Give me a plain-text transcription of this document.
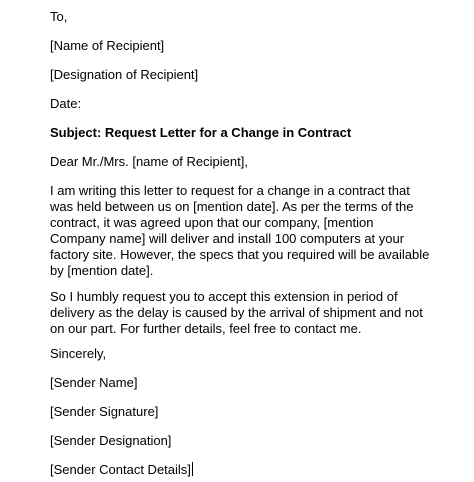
To,
[Name of Recipient]
[Designation of Recipient]
Date:
Subject: Request Letter for a Change in Contract
Dear Mr./Mrs. [name of Recipient],
I am writing this letter to request for a change in a contract that
was held between us on [mention date]. As per the terms of the
contract, it was agreed upon that our company, [mention
Company name] will deliver and install 100 computers at your
factory site. However, the specs that you required will be available
by [mention date].
So I humbly request you to accept this extension in period of
delivery as the delay is caused by the arrival of shipment and not
on our part. For further details, feel free to contact me.
Sincerely,
[Sender Name]
[Sender Signature]
[Sender Designation]
[Sender Contact Details]
